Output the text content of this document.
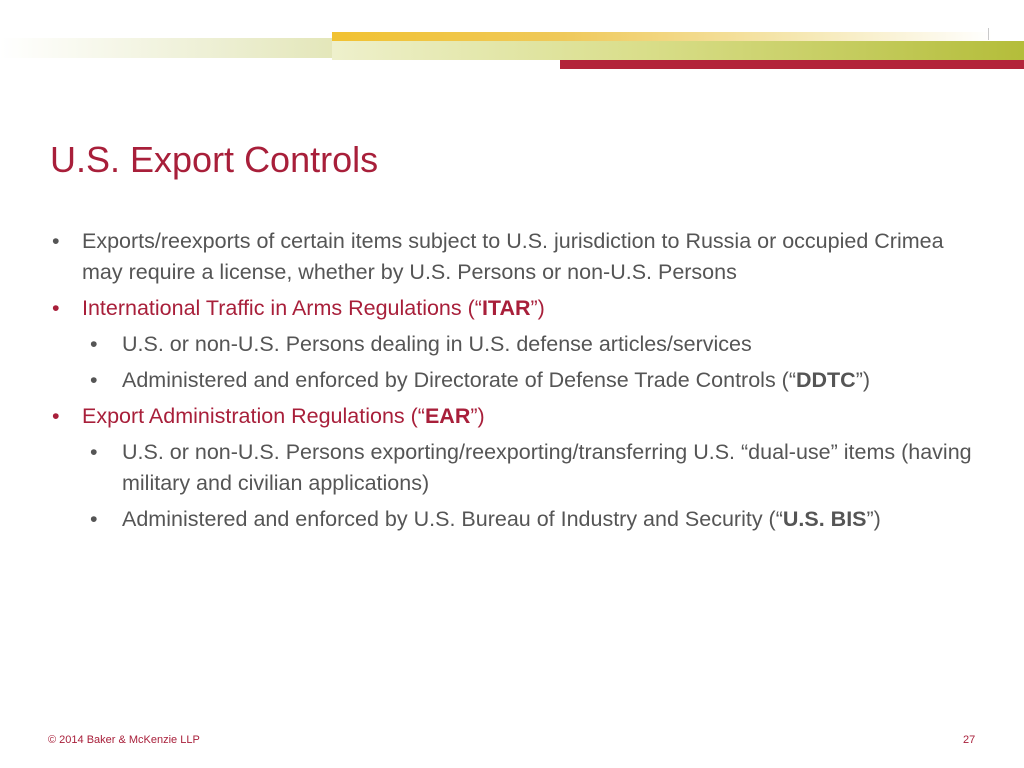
U.S. Export Controls
• Exports/reexports of certain items subject to U.S. jurisdiction to Russia or occupied Crimea may require a license, whether by U.S. Persons or non-U.S. Persons
• International Traffic in Arms Regulations (“ITAR”)
• U.S. or non-U.S. Persons dealing in U.S. defense articles/services
• Administered and enforced by Directorate of Defense Trade Controls (“DDTC”)
• Export Administration Regulations (“EAR”)
• U.S. or non-U.S. Persons exporting/reexporting/transferring U.S. “dual-use” items (having military and civilian applications)
• Administered and enforced by U.S. Bureau of Industry and Security (“U.S. BIS”)
© 2014 Baker & McKenzie LLP	27
